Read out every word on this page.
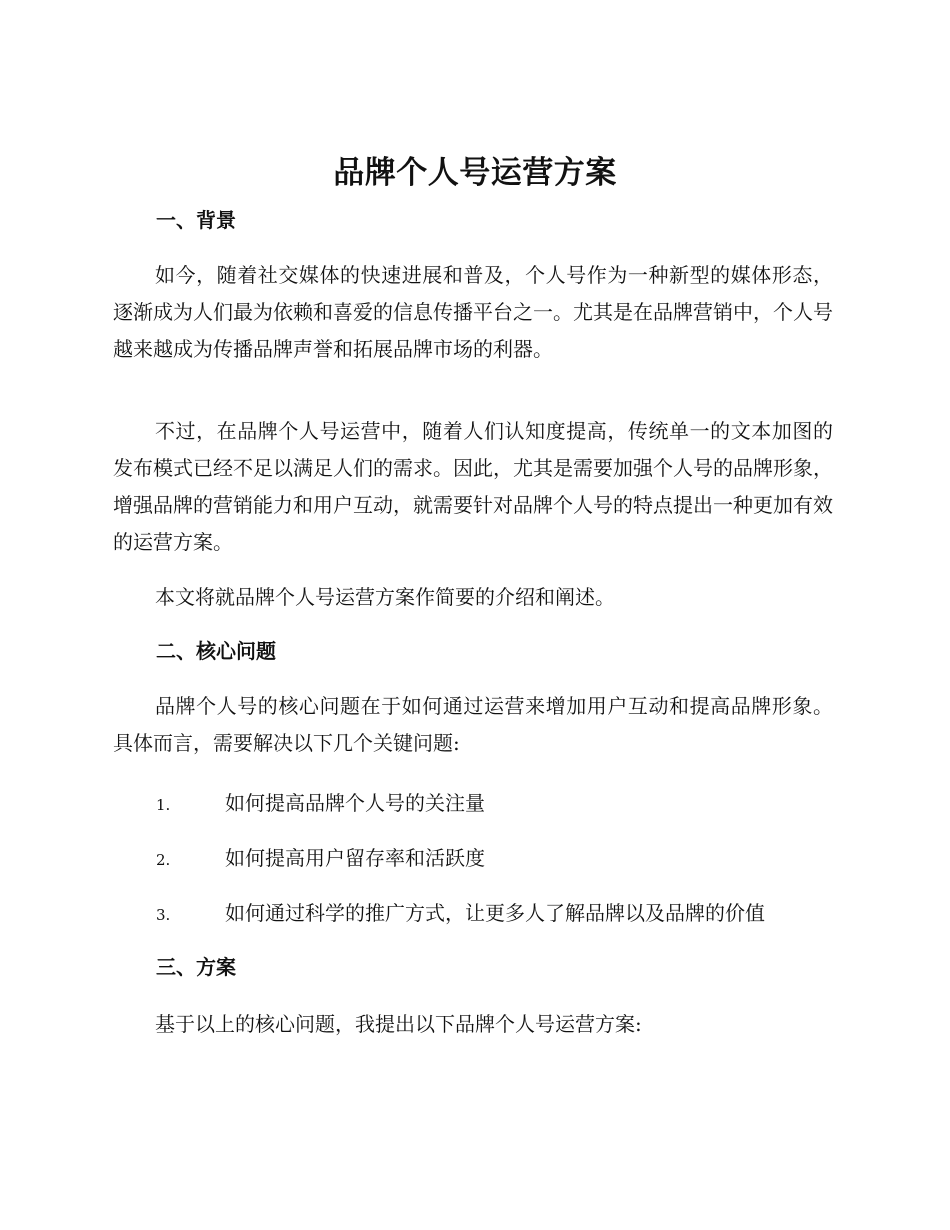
品牌个人号运营方案
一、背景

如今，随着社交媒体的快速进展和普及，个人号作为一种新型的媒体形态，逐渐成为人们最为依赖和喜爱的信息传播平台之一。尤其是在品牌营销中，个人号越来越成为传播品牌声誉和拓展品牌市场的利器。

不过，在品牌个人号运营中，随着人们认知度提高，传统单一的文本加图的发布模式已经不足以满足人们的需求。因此，尤其是需要加强个人号的品牌形象，增强品牌的营销能力和用户互动，就需要针对品牌个人号的特点提出一种更加有效的运营方案。

本文将就品牌个人号运营方案作简要的介绍和阐述。

二、核心问题

品牌个人号的核心问题在于如何通过运营来增加用户互动和提高品牌形象。具体而言，需要解决以下几个关键问题:

1.	如何提高品牌个人号的关注量
2.	如何提高用户留存率和活跃度
3.	如何通过科学的推广方式，让更多人了解品牌以及品牌的价值
三、方案

基于以上的核心问题，我提出以下品牌个人号运营方案:
